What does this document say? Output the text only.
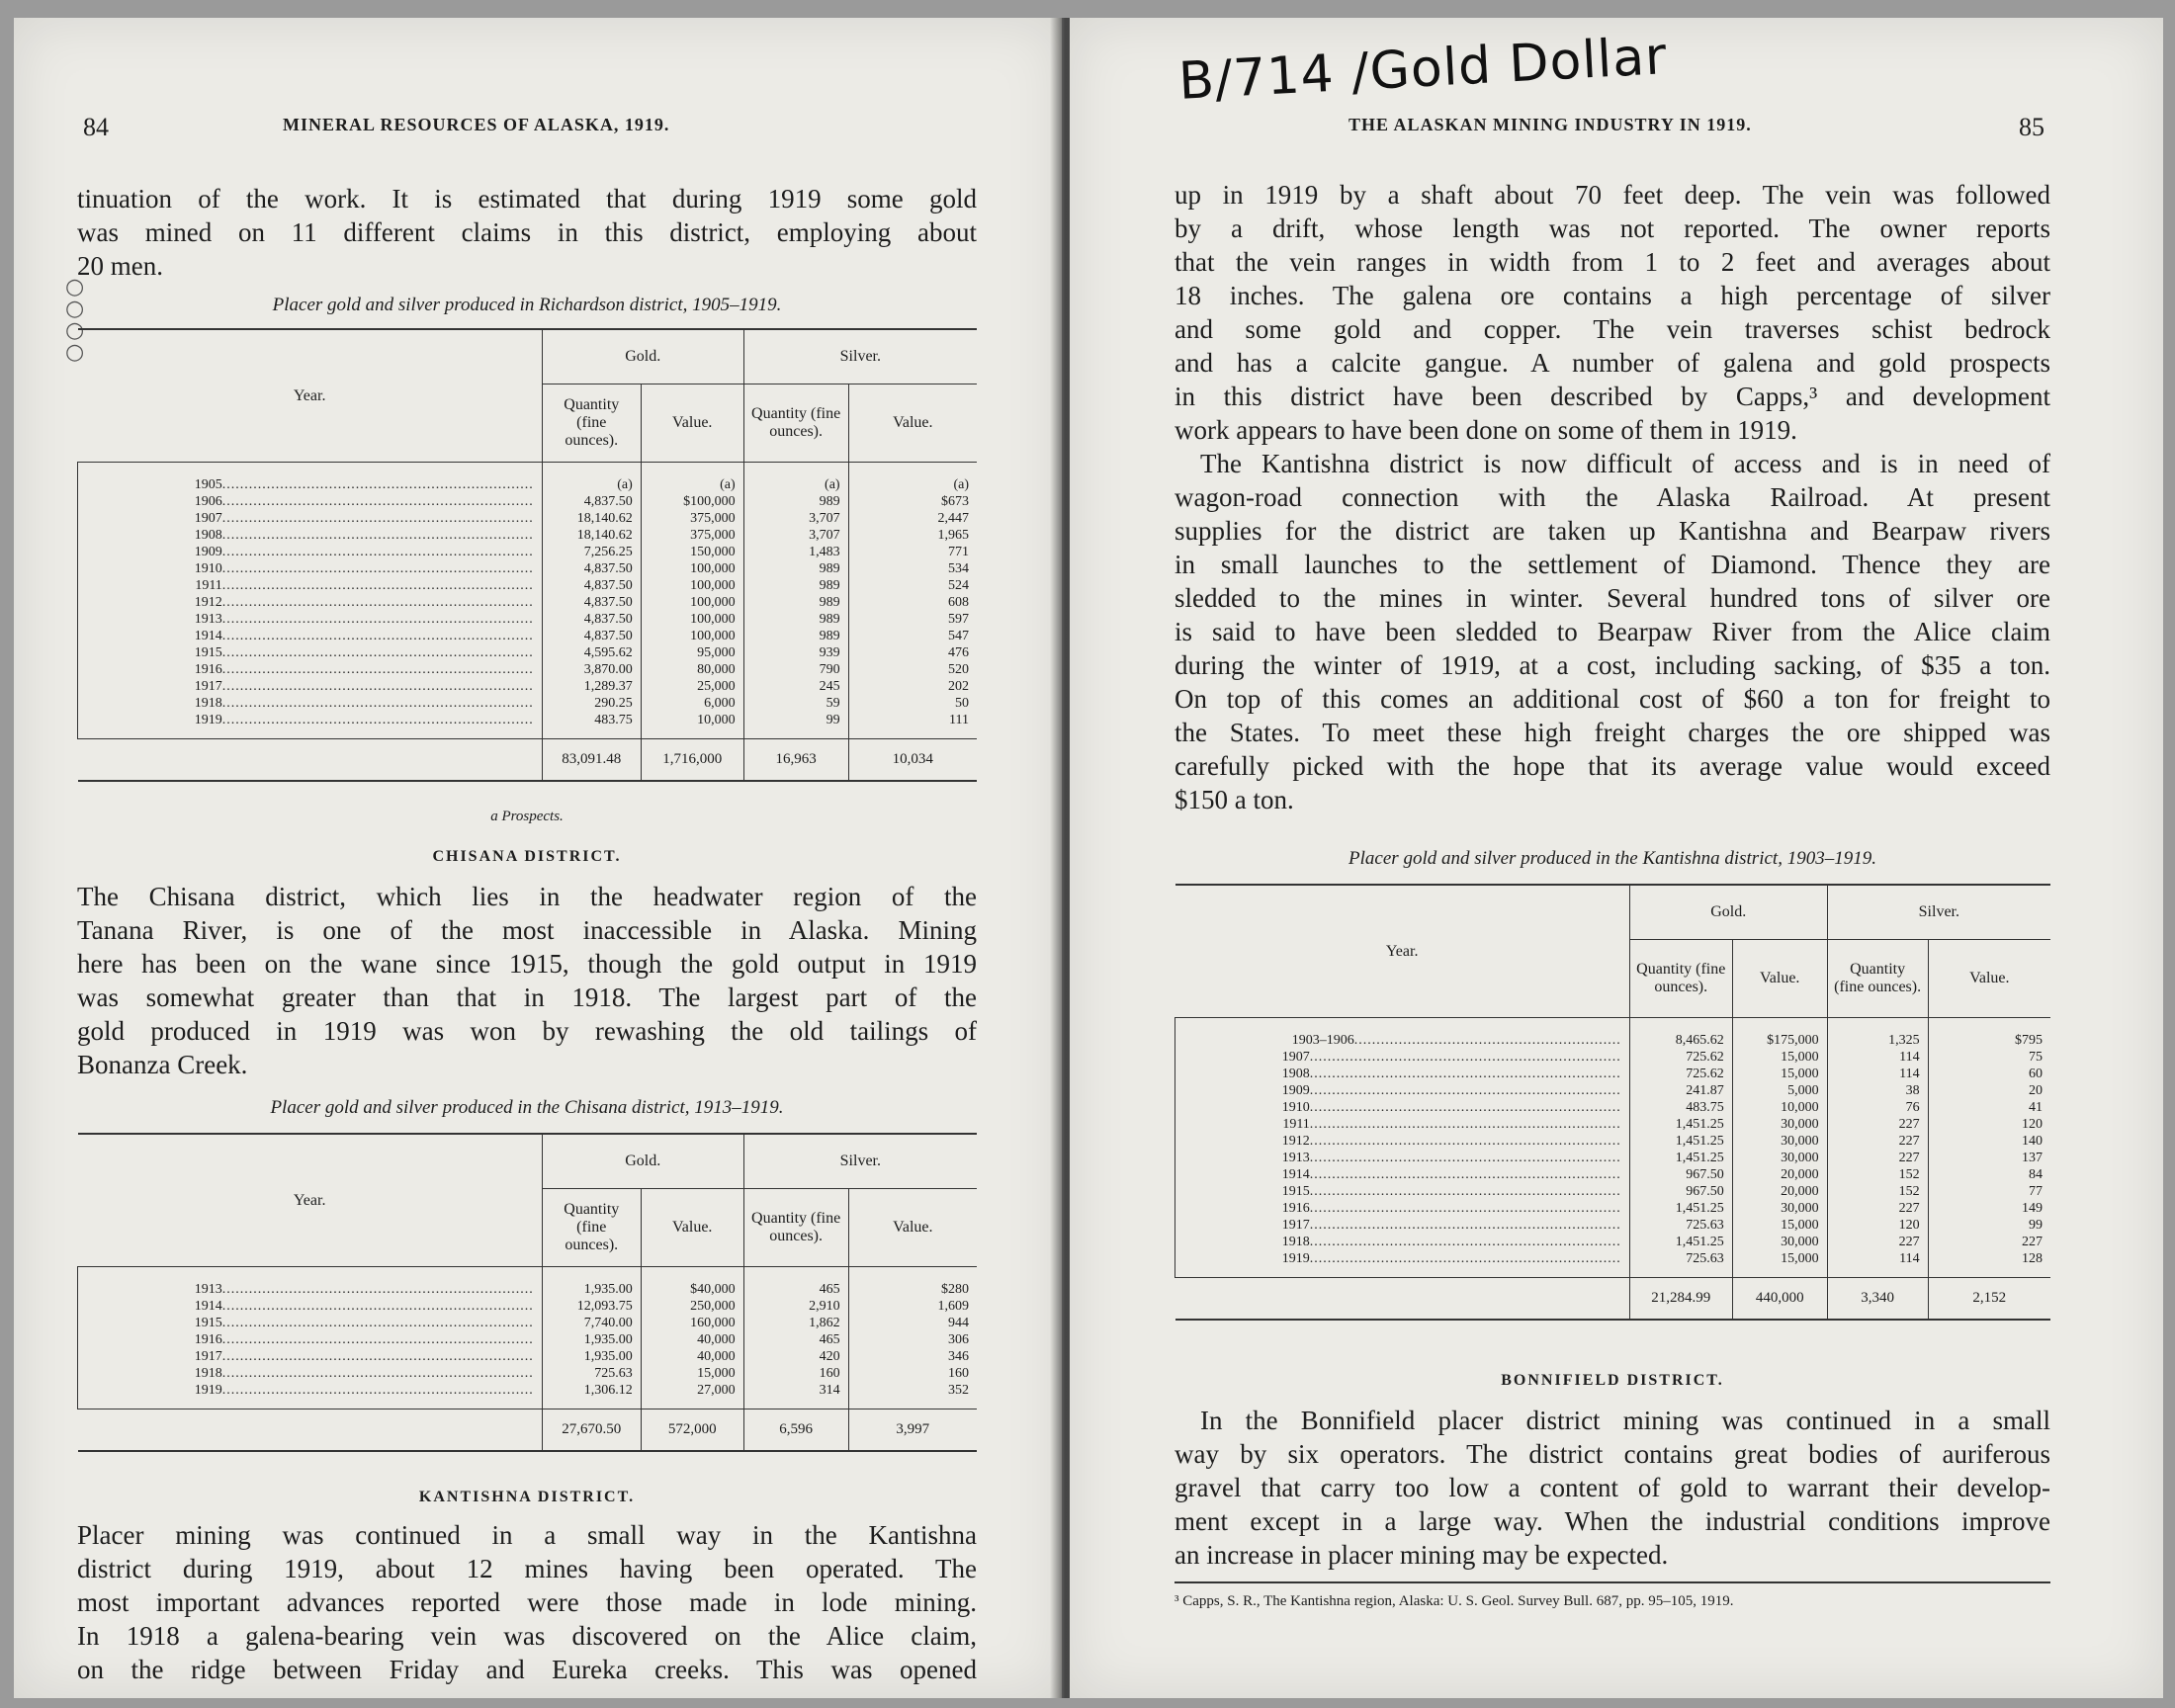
84	MINERAL RESOURCES OF ALASKA, 1919.
○
○
○
○
tinuation of the work. It is estimated that during 1919 some gold
was mined on 11 different claims in this district, employing about
20 men.
Placer gold and silver produced in Richardson district, 1905–1919.
Year.	Gold.		Silver.	
	Quantity (fine ounces).	Value.	Quantity (fine ounces).	Value.
1905......................................................................	(a)	(a)	(a)	(a)
1906......................................................................	4,837.50	$100,000	989	$673
1907......................................................................	18,140.62	375,000	3,707	2,447
1908......................................................................	18,140.62	375,000	3,707	1,965
1909......................................................................	7,256.25	150,000	1,483	771
1910......................................................................	4,837.50	100,000	989	534
1911......................................................................	4,837.50	100,000	989	524
1912......................................................................	4,837.50	100,000	989	608
1913......................................................................	4,837.50	100,000	989	597
1914......................................................................	4,837.50	100,000	989	547
1915......................................................................	4,595.62	95,000	939	476
1916......................................................................	3,870.00	80,000	790	520
1917......................................................................	1,289.37	25,000	245	202
1918......................................................................	290.25	6,000	59	50
1919......................................................................	483.75	10,000	99	111
	83,091.48	1,716,000	16,963	10,034
a Prospects.
CHISANA DISTRICT.
The Chisana district, which lies in the headwater region of the
Tanana River, is one of the most inaccessible in Alaska. Mining
here has been on the wane since 1915, though the gold output in 1919
was somewhat greater than that in 1918. The largest part of the
gold produced in 1919 was won by rewashing the old tailings of
Bonanza Creek.
Placer gold and silver produced in the Chisana district, 1913–1919.
Year.	Gold.		Silver.	
	Quantity (fine ounces).	Value.	Quantity (fine ounces).	Value.
1913......................................................................	1,935.00	$40,000	465	$280
1914......................................................................	12,093.75	250,000	2,910	1,609
1915......................................................................	7,740.00	160,000	1,862	944
1916......................................................................	1,935.00	40,000	465	306
1917......................................................................	1,935.00	40,000	420	346
1918......................................................................	725.63	15,000	160	160
1919......................................................................	1,306.12	27,000	314	352
	27,670.50	572,000	6,596	3,997
KANTISHNA DISTRICT.
Placer mining was continued in a small way in the Kantishna
district during 1919, about 12 mines having been operated. The
most important advances reported were those made in lode mining.
In 1918 a galena-bearing vein was discovered on the Alice claim,
on the ridge between Friday and Eureka creeks. This was opened
B/714 /Gold Dollar
THE ALASKAN MINING INDUSTRY IN 1919.	85
up in 1919 by a shaft about 70 feet deep. The vein was followed
by a drift, whose length was not reported. The owner reports
that the vein ranges in width from 1 to 2 feet and averages about
18 inches. The galena ore contains a high percentage of silver
and some gold and copper. The vein traverses schist bedrock
and has a calcite gangue. A number of galena and gold prospects
in this district have been described by Capps,³ and development
work appears to have been done on some of them in 1919.
The Kantishna district is now difficult of access and is in need of
wagon-road connection with the Alaska Railroad. At present
supplies for the district are taken up Kantishna and Bearpaw rivers
in small launches to the settlement of Diamond. Thence they are
sledded to the mines in winter. Several hundred tons of silver ore
is said to have been sledded to Bearpaw River from the Alice claim
during the winter of 1919, at a cost, including sacking, of $35 a ton.
On top of this comes an additional cost of $60 a ton for freight to
the States. To meet these high freight charges the ore shipped was
carefully picked with the hope that its average value would exceed
$150 a ton.
Placer gold and silver produced in the Kantishna district, 1903–1919.
Year.	Gold.		Silver.	
	Quantity (fine ounces).	Value.	Quantity (fine ounces).	Value.
1903–1906............................................................	8,465.62	$175,000	1,325	$795
1907......................................................................	725.62	15,000	114	75
1908......................................................................	725.62	15,000	114	60
1909......................................................................	241.87	5,000	38	20
1910......................................................................	483.75	10,000	76	41
1911......................................................................	1,451.25	30,000	227	120
1912......................................................................	1,451.25	30,000	227	140
1913......................................................................	1,451.25	30,000	227	137
1914......................................................................	967.50	20,000	152	84
1915......................................................................	967.50	20,000	152	77
1916......................................................................	1,451.25	30,000	227	149
1917......................................................................	725.63	15,000	120	99
1918......................................................................	1,451.25	30,000	227	227
1919......................................................................	725.63	15,000	114	128
	21,284.99	440,000	3,340	2,152
BONNIFIELD DISTRICT.
In the Bonnifield placer district mining was continued in a small
way by six operators. The district contains great bodies of auriferous
gravel that carry too low a content of gold to warrant their develop-
ment except in a large way. When the industrial conditions improve
an increase in placer mining may be expected.
³ Capps, S. R., The Kantishna region, Alaska: U. S. Geol. Survey Bull. 687, pp. 95–105, 1919.
